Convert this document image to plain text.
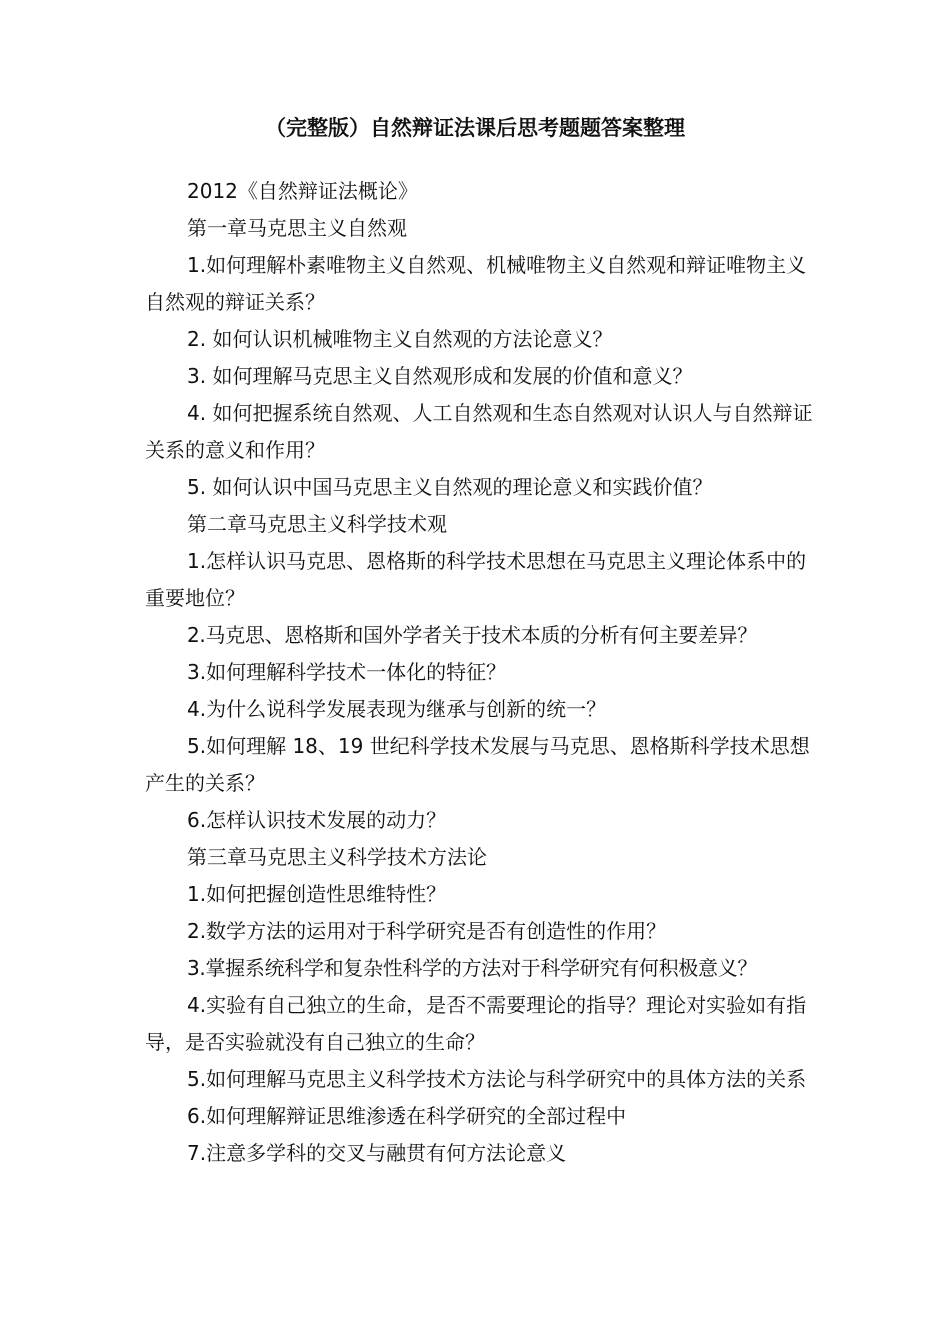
（完整版）自然辩证法课后思考题题答案整理

2012《自然辩证法概论》

第一章马克思主义自然观

1.如何理解朴素唯物主义自然观、机械唯物主义自然观和辩证唯物主义自然观的辩证关系？

2. 如何认识机械唯物主义自然观的方法论意义？

3. 如何理解马克思主义自然观形成和发展的价值和意义？

4. 如何把握系统自然观、人工自然观和生态自然观对认识人与自然辩证关系的意义和作用？

5. 如何认识中国马克思主义自然观的理论意义和实践价值？

第二章马克思主义科学技术观

1.怎样认识马克思、恩格斯的科学技术思想在马克思主义理论体系中的重要地位？

2.马克思、恩格斯和国外学者关于技术本质的分析有何主要差异？

3.如何理解科学技术一体化的特征？

4.为什么说科学发展表现为继承与创新的统一？

5.如何理解 18、19 世纪科学技术发展与马克思、恩格斯科学技术思想产生的关系？

6.怎样认识技术发展的动力？

第三章马克思主义科学技术方法论

1.如何把握创造性思维特性？

2.数学方法的运用对于科学研究是否有创造性的作用？

3.掌握系统科学和复杂性科学的方法对于科学研究有何积极意义？

4.实验有自己独立的生命，是否不需要理论的指导？理论对实验如有指导，是否实验就没有自己独立的生命？

5.如何理解马克思主义科学技术方法论与科学研究中的具体方法的关系

6.如何理解辩证思维渗透在科学研究的全部过程中

7.注意多学科的交叉与融贯有何方法论意义
